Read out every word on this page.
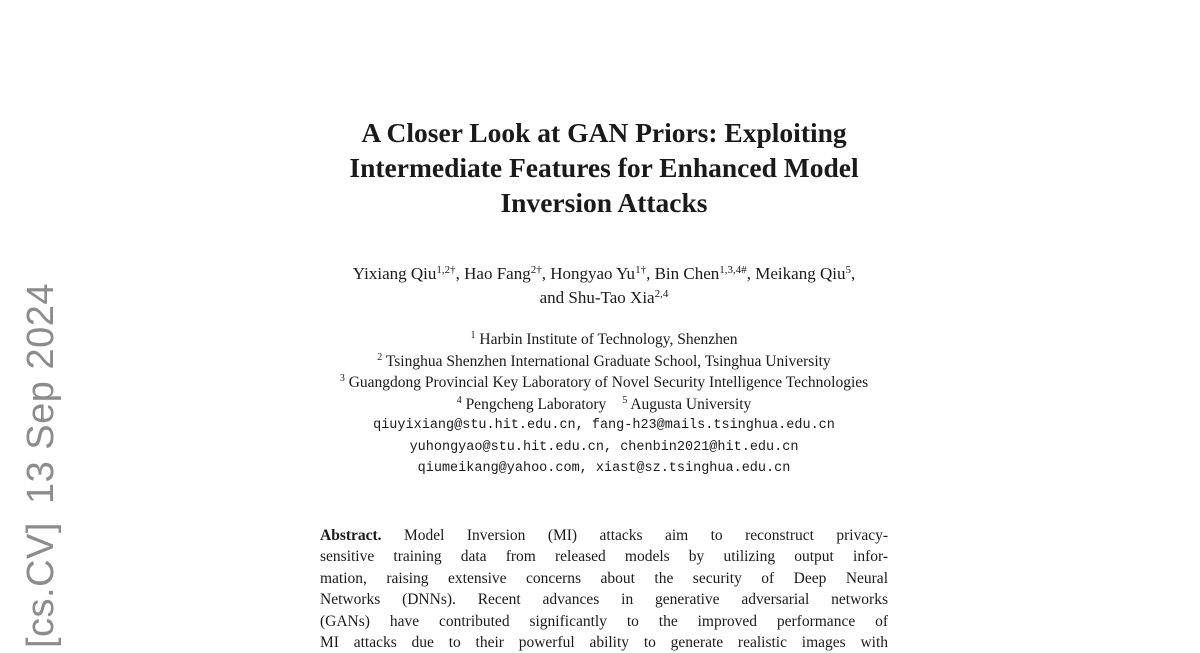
[cs.CV]13 Sep 2024
A Closer Look at GAN Priors: Exploiting
Intermediate Features for Enhanced Model
Inversion Attacks

Yixiang Qiu$^{1,2\dagger}$, Hao Fang$^{2\dagger}$, Hongyao $Yu^{1\dagger}$, Bin Chen$^{1,3,4\#}$, Meikang Qiu$^5$,
and Shu-Tao Xia$^{2,4}$

$^1$ Harbin Institute of Technology, Shenzhen
$^2$ Tsinghua Shenzhen International Graduate School, Tsinghua University
$^3$ Guangdong Provincial Key Laboratory of Novel Security Intelligence Technologies
$^4$ Pengcheng Laboratory $^5$ Augusta University
qiuyixiang@stu.hit.edu.cn, fang-h23@mails.tsinghua.edu.cn
yuhongyao@stu.hit.edu.cn, chenbin2021@hit.edu.cn
qiumeikang@yahoo.com, xiast@sz.tsinghua.edu.cn
Abstract. Model Inversion (MI) attacks aim to reconstruct privacy-
sensitive training data from released models by utilizing output infor-
mation, raising extensive concerns about the security of Deep Neural
Networks (DNNs). Recent advances in generative adversarial networks
(GANs) have contributed significantly to the improved performance of
MI attacks due to their powerful ability to generate realistic images with
